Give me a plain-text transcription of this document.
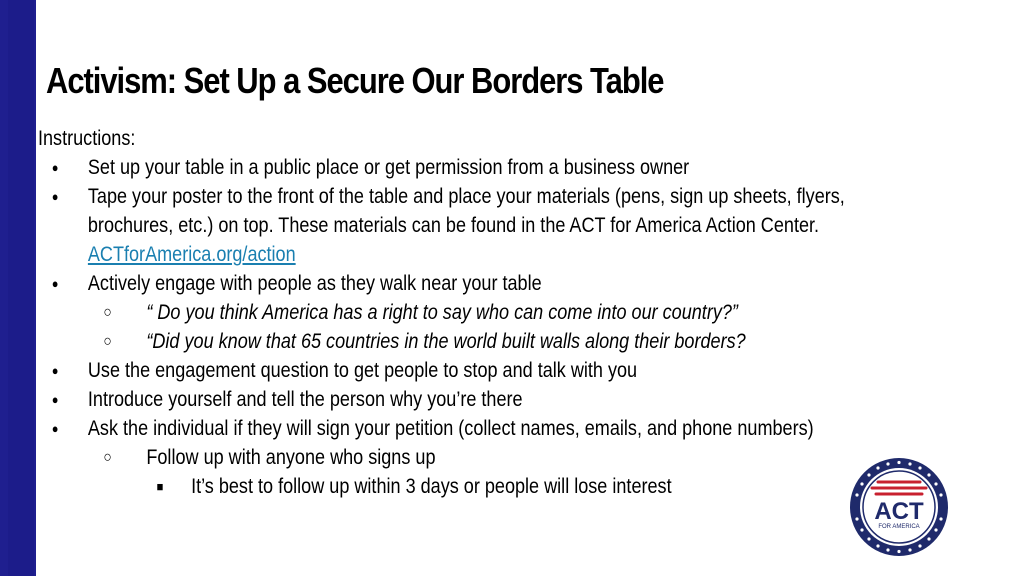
Activism: Set Up a Secure Our Borders Table
Instructions:
● Set up your table in a public place or get permission from a business owner
● Tape your poster to the front of the table and place your materials (pens, sign up sheets, flyers,
brochures, etc.) on top. These materials can be found in the ACT for America Action Center.
ACTforAmerica.org/action
● Actively engage with people as they walk near your table
○ “ Do you think America has a right to say who can come into our country?”
○ “Did you know that 65 countries in the world built walls along their borders?
● Use the engagement question to get people to stop and talk with you
● Introduce yourself and tell the person why you’re there
● Ask the individual if they will sign your petition (collect names, emails, and phone numbers)
○ Follow up with anyone who signs up
■ It’s best to follow up within 3 days or people will lose interest
ACT
FOR AMERICA
